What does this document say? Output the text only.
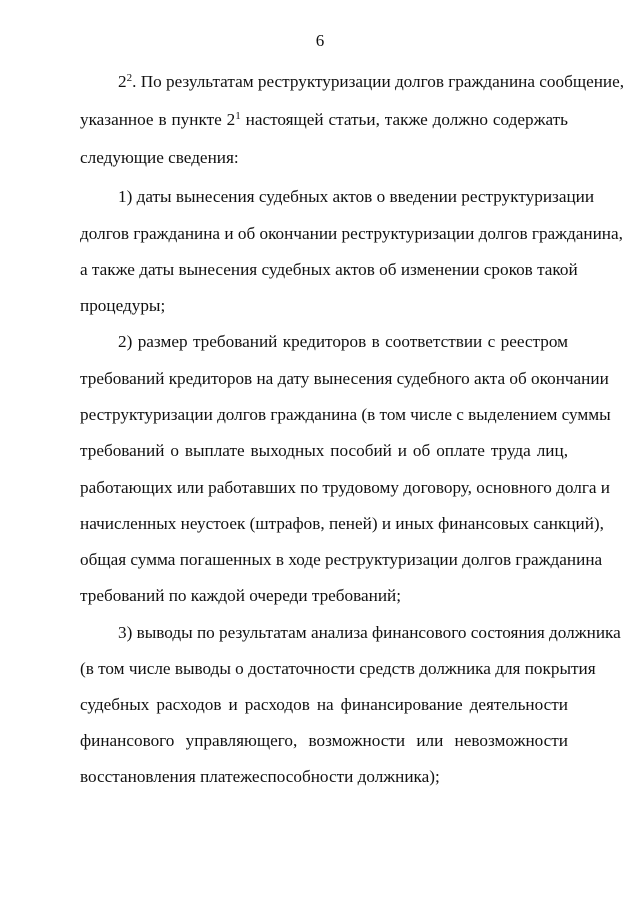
6
$2^2$. По результатам реструктуризации долгов гражданина сообщение,
указанное в пункте $2^1$ настоящей статьи, также должно содержать
следующие сведения:
1) даты вынесения судебных актов о введении реструктуризации
долгов гражданина и об окончании реструктуризации долгов гражданина,
а также даты вынесения судебных актов об изменении сроков такой
процедуры;
2) размер требований кредиторов в соответствии с реестром
требований кредиторов на дату вынесения судебного акта об окончании
реструктуризации долгов гражданина (в том числе с выделением суммы
требований о выплате выходных пособий и об оплате труда лиц,
работающих или работавших по трудовому договору, основного долга и
начисленных неустоек (штрафов, пеней) и иных финансовых санкций),
общая сумма погашенных в ходе реструктуризации долгов гражданина
требований по каждой очереди требований;
3) выводы по результатам анализа финансового состояния должника
(в том числе выводы о достаточности средств должника для покрытия
судебных расходов и расходов на финансирование деятельности
финансового управляющего, возможности или невозможности
восстановления платежеспособности должника);
